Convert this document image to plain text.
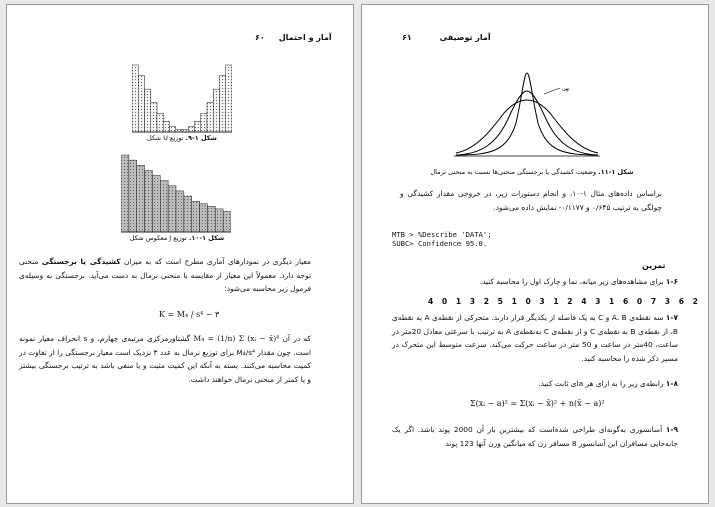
آمار و احتمال     ۶۰
شکل ۱-۹. توزیع U شکل
شکل ۱-۱۰. توزیع J معکوس شکل
معیار دیگری در نمودارهای آماری مطرح است که به میزان کشیدگی یا برجستگی منحنی توجه دارد. معمولاً این معیار از مقایسه با منحنی نرمال به دست می‌آید. برجستگی به وسیله‌ی فرمول زیر محاسبه می‌شود:
K = M₄ / s⁴ − ۳
که در آن M₄ = (1/n) Σ (xᵢ − x̄)⁴ گشتاورمرکزی مرتبه‌ی چهارم، و s انحراف معیار نمونه است. چون مقدار M₄/s⁴ برای توزیع نرمال به عدد ۳ نزدیک است معیار برجستگی را از تفاوت در کمیت محاسبه می‌کنند. بسته به آنکه این کمیت مثبت و یا منفی باشد به ترتیب برجستگی بیشتر و یا کمتر از منحنی نرمال خواهند داشت.
آمار توصیفی          ۶۱
پهن
شکل ۱-۱۱. وضعیت کشیدگی یا برجستگی منحنی‌ها نسبت به منحنی نرمال
براساس داده‌های مثال ۱-۱۰، و انجام دستورات زیر، در خروجی مقدار کشیدگی و چولگی به ترتیب ۰/۶۴۵ و ۰/۱۱۷۷- نمایش داده می‌شود.
MTB > %Describe 'DATA';
SUBC> Confidence 95.0.
تمرین
۱-۶ برای مشاهده‌های زیر میانه، نما و چارک اول را محاسبه کنید.
4 0 1 3 2 5 1 0 3 1 2 4 3 1 6 0 7 3 6 2
۱-۷ سه نقطه‌ی A، B و C به یک فاصله از یکدیگر قرار دارند. متحرکی از نقطه‌ی A به نقطه‌ی B، از نقطه‌ی B به نقطه‌ی C و از نقطه‌ی C به‌نقطه‌ی A به ترتیب با سرعتی معادل 20متر در ساعت، 40متر در ساعت و 50 متر در ساعت حرکت می‌کند. سرعت متوسط این متحرک در مسیر ذکر شده را محاسبه کنید.
۱-۸ رابطه‌ی زیر را به ازای هر aای ثابت کنید.
Σ(xᵢ − a)² = Σ(xᵢ − x̄)² + n(x̄ − a)²
۱-۹ آسانسوری به‌گونه‌ای طراحی شده‌است که بیشترین بار آن 2000 پوند باشد. اگر یک جابه‌جایی مسافران این آسانسور 8 مسافر زن که میانگین وزن آنها 123 پوند
